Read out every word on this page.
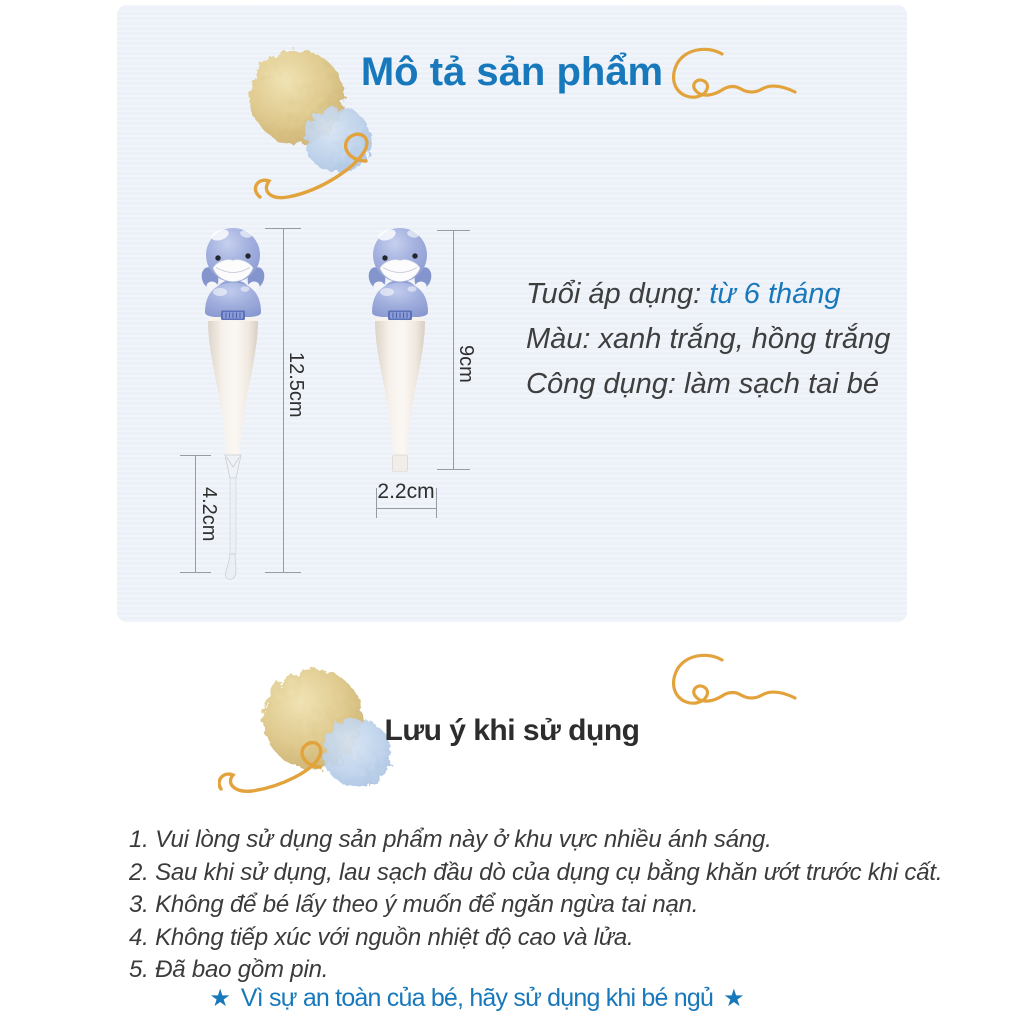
Mô tả sản phẩm
12.5cm
4.2cm
9cm
2.2cm
Tuổi áp dụng: từ 6 tháng
Màu: xanh trắng, hồng trắng
Công dụng: làm sạch tai bé
Lưu ý khi sử dụng
1. Vui lòng sử dụng sản phẩm này ở khu vực nhiều ánh sáng.
2. Sau khi sử dụng, lau sạch đầu dò của dụng cụ bằng khăn ướt trước khi cất.
3. Không để bé lấy theo ý muốn để ngăn ngừa tai nạn.
4. Không tiếp xúc với nguồn nhiệt độ cao và lửa.
5. Đã bao gồm pin.
★ Vì sự an toàn của bé, hãy sử dụng khi bé ngủ ★
